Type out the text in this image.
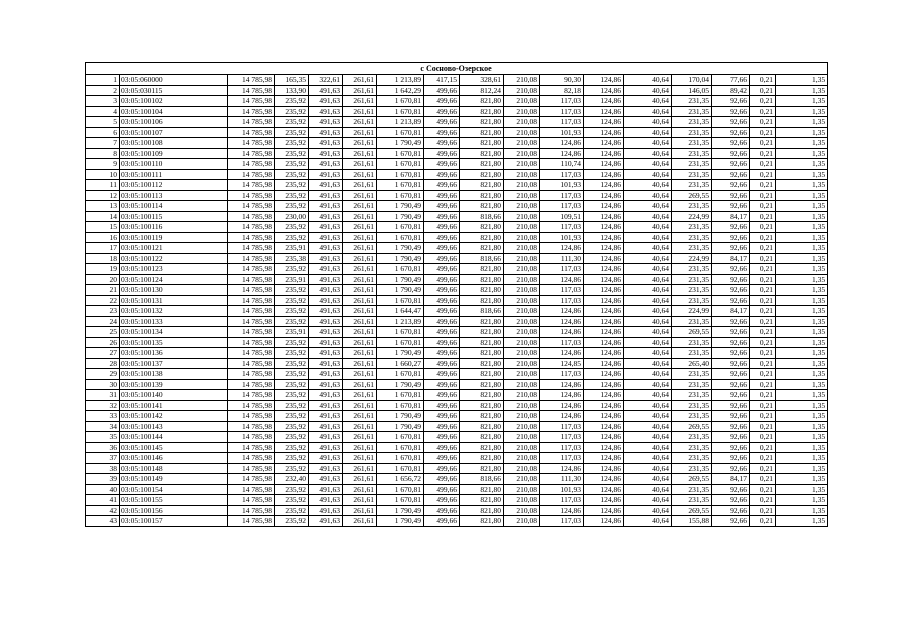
с Сосново-Озерское																
1	03:05:060000	14 785,98	165,35	322,61	261,61	1 213,89	417,15	328,61	210,08	90,30	124,86	40,64	170,04	77,66	0,21	1,35
2	03:05:030115	14 785,98	133,90	491,63	261,61	1 642,29	499,66	812,24	210,08	82,18	124,86	40,64	146,05	89,42	0,21	1,35
3	03:05:100102	14 785,98	235,92	491,63	261,61	1 670,81	499,66	821,80	210,08	117,03	124,86	40,64	231,35	92,66	0,21	1,35
4	03:05:100104	14 785,98	235,92	491,63	261,61	1 670,81	499,66	821,80	210,08	117,03	124,86	40,64	231,35	92,66	0,21	1,35
5	03:05:100106	14 785,98	235,92	491,63	261,61	1 213,89	499,66	821,80	210,08	117,03	124,86	40,64	231,35	92,66	0,21	1,35
6	03:05:100107	14 785,98	235,92	491,63	261,61	1 670,81	499,66	821,80	210,08	101,93	124,86	40,64	231,35	92,66	0,21	1,35
7	03:05:100108	14 785,98	235,92	491,63	261,61	1 790,49	499,66	821,80	210,08	124,86	124,86	40,64	231,35	92,66	0,21	1,35
8	03:05:100109	14 785,98	235,92	491,63	261,61	1 670,81	499,66	821,80	210,08	124,86	124,86	40,64	231,35	92,66	0,21	1,35
9	03:05:100110	14 785,98	235,92	491,63	261,61	1 670,81	499,66	821,80	210,08	110,74	124,86	40,64	231,35	92,66	0,21	1,35
10	03:05:100111	14 785,98	235,92	491,63	261,61	1 670,81	499,66	821,80	210,08	117,03	124,86	40,64	231,35	92,66	0,21	1,35
11	03:05:100112	14 785,98	235,92	491,63	261,61	1 670,81	499,66	821,80	210,08	101,93	124,86	40,64	231,35	92,66	0,21	1,35
12	03:05:100113	14 785,98	235,92	491,63	261,61	1 670,81	499,66	821,80	210,08	117,03	124,86	40,64	269,55	92,66	0,21	1,35
13	03:05:100114	14 785,98	235,92	491,63	261,61	1 790,49	499,66	821,80	210,08	117,03	124,86	40,64	231,35	92,66	0,21	1,35
14	03:05:100115	14 785,98	230,00	491,63	261,61	1 790,49	499,66	818,66	210,08	109,51	124,86	40,64	224,99	84,17	0,21	1,35
15	03:05:100116	14 785,98	235,92	491,63	261,61	1 670,81	499,66	821,80	210,08	117,03	124,86	40,64	231,35	92,66	0,21	1,35
16	03:05:100119	14 785,98	235,92	491,63	261,61	1 670,81	499,66	821,80	210,08	101,93	124,86	40,64	231,35	92,66	0,21	1,35
17	03:05:100121	14 785,98	235,91	491,63	261,61	1 790,49	499,66	821,80	210,08	124,86	124,86	40,64	231,35	92,66	0,21	1,35
18	03:05:100122	14 785,98	235,38	491,63	261,61	1 790,49	499,66	818,66	210,08	111,30	124,86	40,64	224,99	84,17	0,21	1,35
19	03:05:100123	14 785,98	235,92	491,63	261,61	1 670,81	499,66	821,80	210,08	117,03	124,86	40,64	231,35	92,66	0,21	1,35
20	03:05:100124	14 785,98	235,91	491,63	261,61	1 790,49	499,66	821,80	210,08	124,86	124,86	40,64	231,35	92,66	0,21	1,35
21	03:05:100130	14 785,98	235,92	491,63	261,61	1 790,49	499,66	821,80	210,08	117,03	124,86	40,64	231,35	92,66	0,21	1,35
22	03:05:100131	14 785,98	235,92	491,63	261,61	1 670,81	499,66	821,80	210,08	117,03	124,86	40,64	231,35	92,66	0,21	1,35
23	03:05:100132	14 785,98	235,92	491,63	261,61	1 644,47	499,66	818,66	210,08	124,86	124,86	40,64	224,99	84,17	0,21	1,35
24	03:05:100133	14 785,98	235,92	491,63	261,61	1 213,89	499,66	821,80	210,08	124,86	124,86	40,64	231,35	92,66	0,21	1,35
25	03:05:100134	14 785,98	235,91	491,63	261,61	1 670,81	499,66	821,80	210,08	124,86	124,86	40,64	269,55	92,66	0,21	1,35
26	03:05:100135	14 785,98	235,92	491,63	261,61	1 670,81	499,66	821,80	210,08	117,03	124,86	40,64	231,35	92,66	0,21	1,35
27	03:05:100136	14 785,98	235,92	491,63	261,61	1 790,49	499,66	821,80	210,08	124,86	124,86	40,64	231,35	92,66	0,21	1,35
28	03:05:100137	14 785,98	235,92	491,63	261,61	1 660,27	499,66	821,80	210,08	124,85	124,86	40,64	265,40	92,66	0,21	1,35
29	03:05:100138	14 785,98	235,92	491,63	261,61	1 670,81	499,66	821,80	210,08	117,03	124,86	40,64	231,35	92,66	0,21	1,35
30	03:05:100139	14 785,98	235,92	491,63	261,61	1 790,49	499,66	821,80	210,08	124,86	124,86	40,64	231,35	92,66	0,21	1,35
31	03:05:100140	14 785,98	235,92	491,63	261,61	1 670,81	499,66	821,80	210,08	124,86	124,86	40,64	231,35	92,66	0,21	1,35
32	03:05:100141	14 785,98	235,92	491,63	261,61	1 670,81	499,66	821,80	210,08	124,86	124,86	40,64	231,35	92,66	0,21	1,35
33	03:05:100142	14 785,98	235,92	491,63	261,61	1 790,49	499,66	821,80	210,08	124,86	124,86	40,64	231,35	92,66	0,21	1,35
34	03:05:100143	14 785,98	235,92	491,63	261,61	1 790,49	499,66	821,80	210,08	117,03	124,86	40,64	269,55	92,66	0,21	1,35
35	03:05:100144	14 785,98	235,92	491,63	261,61	1 670,81	499,66	821,80	210,08	117,03	124,86	40,64	231,35	92,66	0,21	1,35
36	03:05:100145	14 785,98	235,92	491,63	261,61	1 670,81	499,66	821,80	210,08	117,03	124,86	40,64	231,35	92,66	0,21	1,35
37	03:05:100146	14 785,98	235,92	491,63	261,61	1 670,81	499,66	821,80	210,08	117,03	124,86	40,64	231,35	92,66	0,21	1,35
38	03:05:100148	14 785,98	235,92	491,63	261,61	1 670,81	499,66	821,80	210,08	124,86	124,86	40,64	231,35	92,66	0,21	1,35
39	03:05:100149	14 785,98	232,40	491,63	261,61	1 656,72	499,66	818,66	210,08	111,30	124,86	40,64	269,55	84,17	0,21	1,35
40	03:05:100154	14 785,98	235,92	491,63	261,61	1 670,81	499,66	821,80	210,08	101,93	124,86	40,64	231,35	92,66	0,21	1,35
41	03:05:100155	14 785,98	235,92	491,63	261,61	1 670,81	499,66	821,80	210,08	117,03	124,86	40,64	231,35	92,66	0,21	1,35
42	03:05:100156	14 785,98	235,92	491,63	261,61	1 790,49	499,66	821,80	210,08	124,86	124,86	40,64	269,55	92,66	0,21	1,35
43	03:05:100157	14 785,98	235,92	491,63	261,61	1 790,49	499,66	821,80	210,08	117,03	124,86	40,64	155,88	92,66	0,21	1,35
